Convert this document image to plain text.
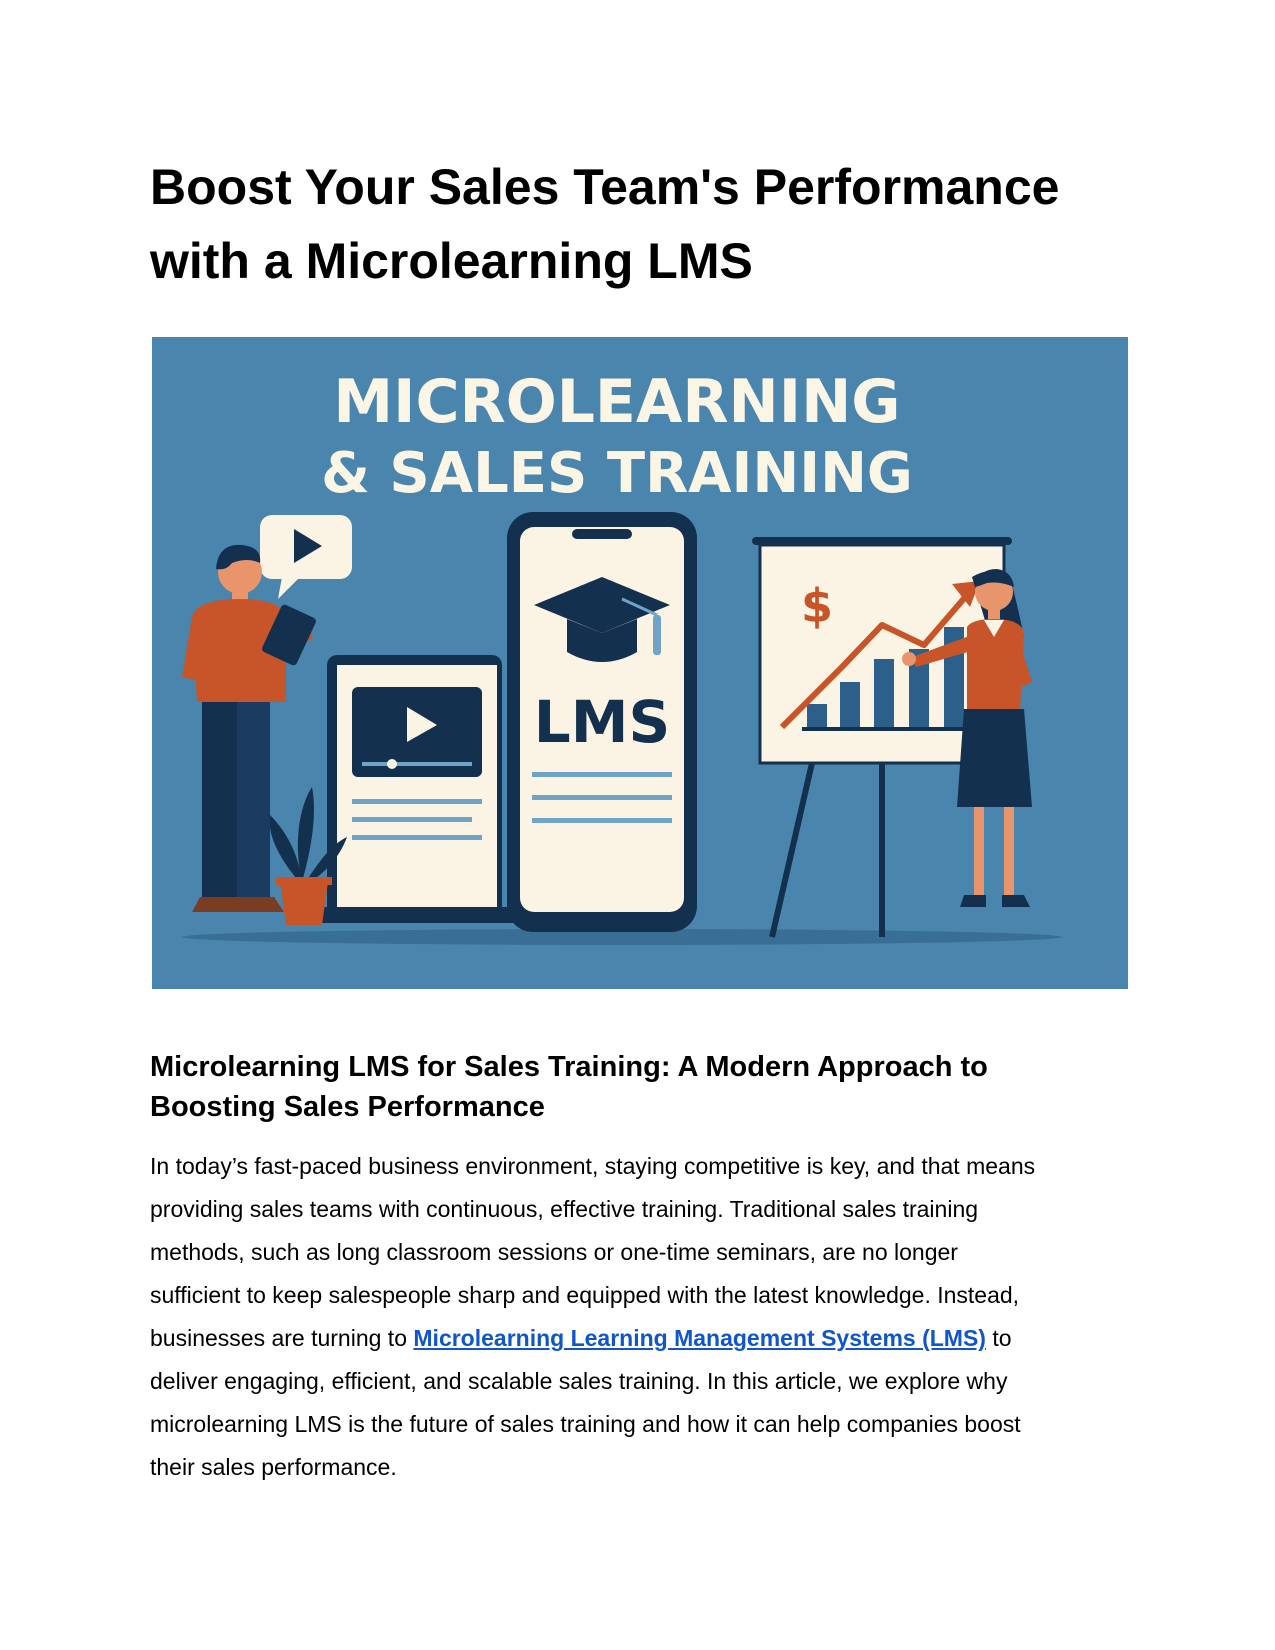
Boost Your Sales Team's Performance
with a Microlearning LMS
MICROLEARNING
& SALES TRAINING
LMS
$
Microlearning LMS for Sales Training: A Modern Approach to
Boosting Sales Performance

In today’s fast-paced business environment, staying competitive is key, and that means
providing sales teams with continuous, effective training. Traditional sales training
methods, such as long classroom sessions or one-time seminars, are no longer
sufficient to keep salespeople sharp and equipped with the latest knowledge. Instead,
businesses are turning to Microlearning Learning Management Systems (LMS) to
deliver engaging, efficient, and scalable sales training. In this article, we explore why
microlearning LMS is the future of sales training and how it can help companies boost
their sales performance.
